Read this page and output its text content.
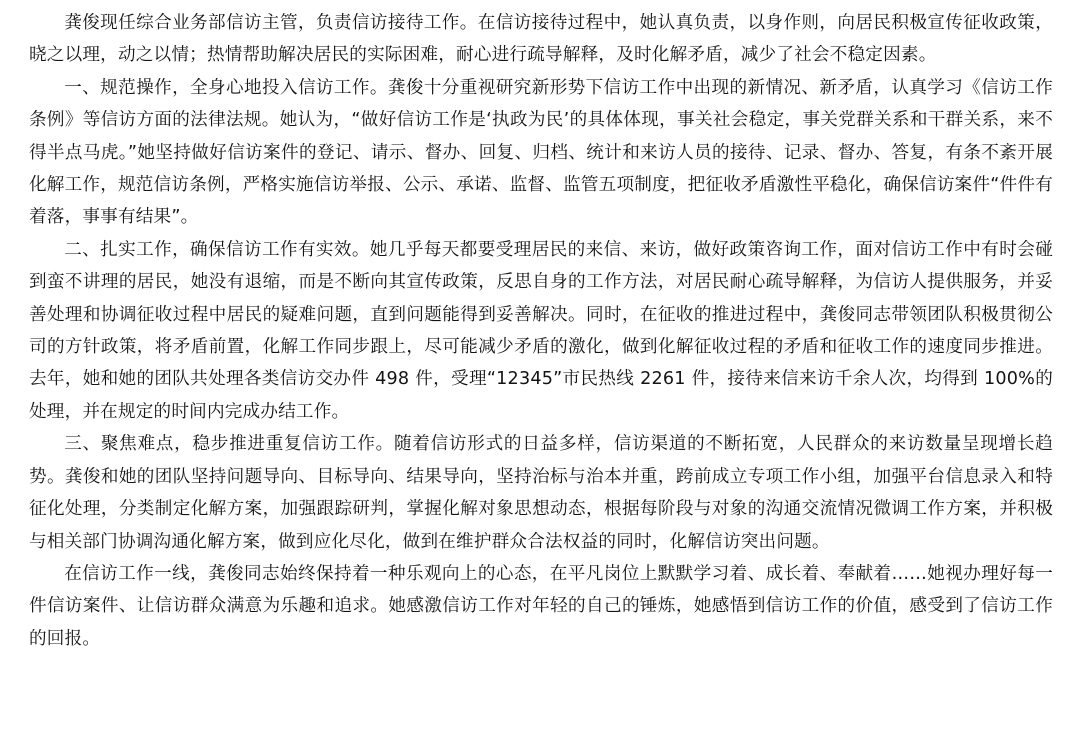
龚俊现任综合业务部信访主管，负责信访接待工作。在信访接待过程中，她认真负责，以身作则，向居民积极宣传征收政策，晓之以理，动之以情；热情帮助解决居民的实际困难，耐心进行疏导解释，及时化解矛盾，减少了社会不稳定因素。

一、规范操作，全身心地投入信访工作。龚俊十分重视研究新形势下信访工作中出现的新情况、新矛盾，认真学习《信访工作条例》等信访方面的法律法规。她认为，“做好信访工作是‘执政为民’的具体体现，事关社会稳定，事关党群关系和干群关系，来不得半点马虎。”她坚持做好信访案件的登记、请示、督办、回复、归档、统计和来访人员的接待、记录、督办、答复，有条不紊开展化解工作，规范信访条例，严格实施信访举报、公示、承诺、监督、监管五项制度，把征收矛盾激性平稳化，确保信访案件“件件有着落，事事有结果”。

二、扎实工作，确保信访工作有实效。她几乎每天都要受理居民的来信、来访，做好政策咨询工作，面对信访工作中有时会碰到蛮不讲理的居民，她没有退缩，而是不断向其宣传政策，反思自身的工作方法，对居民耐心疏导解释，为信访人提供服务，并妥善处理和协调征收过程中居民的疑难问题，直到问题能得到妥善解决。同时，在征收的推进过程中，龚俊同志带领团队积极贯彻公司的方针政策，将矛盾前置，化解工作同步跟上，尽可能减少矛盾的激化，做到化解征收过程的矛盾和征收工作的速度同步推进。去年，她和她的团队共处理各类信访交办件 498 件，受理“12345”市民热线 2261 件，接待来信来访千余人次，均得到 100%的处理，并在规定的时间内完成办结工作。

三、聚焦难点，稳步推进重复信访工作。随着信访形式的日益多样，信访渠道的不断拓宽，人民群众的来访数量呈现增长趋势。龚俊和她的团队坚持问题导向、目标导向、结果导向，坚持治标与治本并重，跨前成立专项工作小组，加强平台信息录入和特征化处理，分类制定化解方案，加强跟踪研判，掌握化解对象思想动态，根据每阶段与对象的沟通交流情况微调工作方案，并积极与相关部门协调沟通化解方案，做到应化尽化，做到在维护群众合法权益的同时，化解信访突出问题。

在信访工作一线，龚俊同志始终保持着一种乐观向上的心态，在平凡岗位上默默学习着、成长着、奉献着……她视办理好每一件信访案件、让信访群众满意为乐趣和追求。她感激信访工作对年轻的自己的锤炼，她感悟到信访工作的价值，感受到了信访工作的回报。
